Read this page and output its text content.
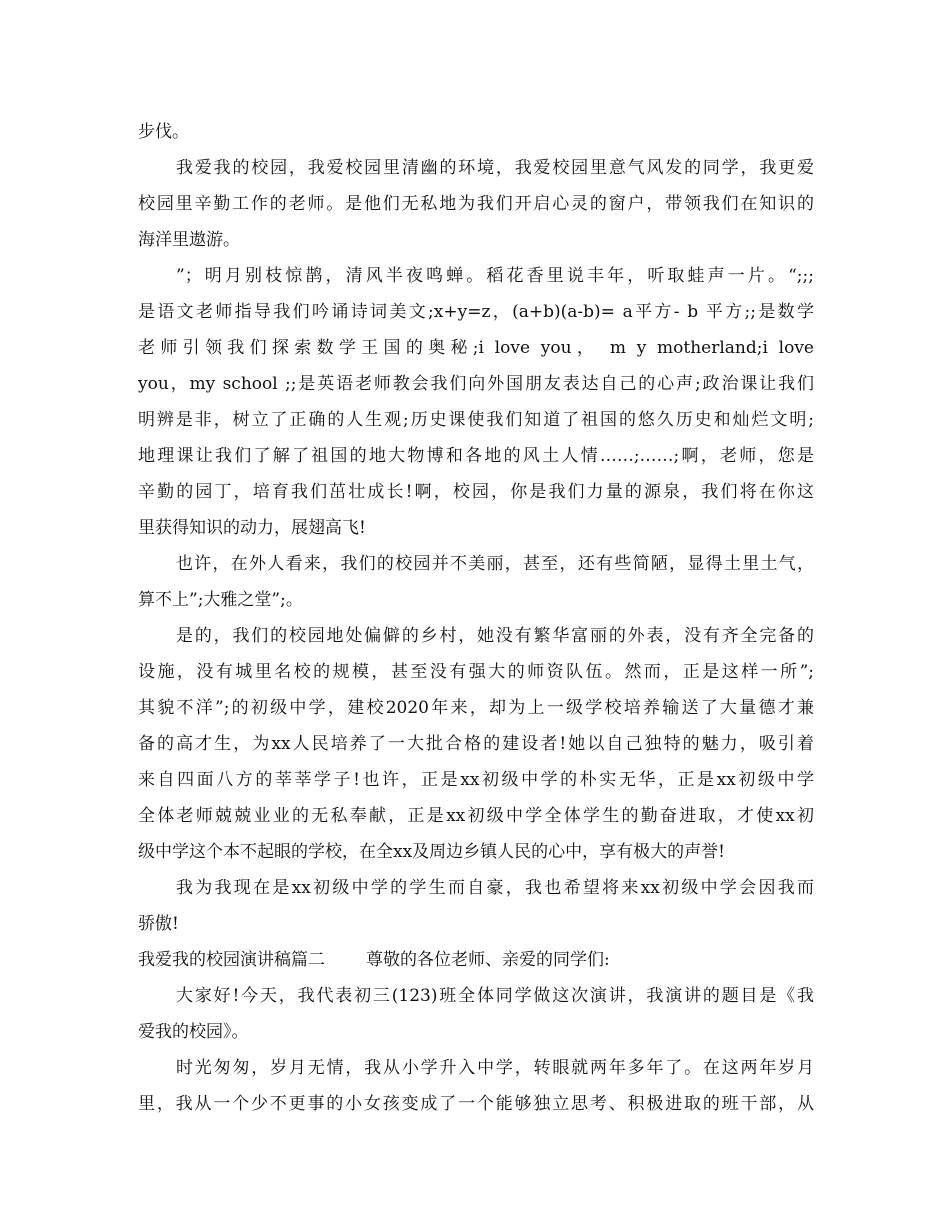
步伐。
我爱我的校园，我爱校园里清幽的环境，我爱校园里意气风发的同学，我更爱
校园里辛勤工作的老师。是他们无私地为我们开启心灵的窗户，带领我们在知识的
海洋里遨游。
”；明月别枝惊鹊，清风半夜鸣蝉。稻花香里说丰年，听取蛙声一片。“;;;
是语文老师指导我们吟诵诗词美文;x+y=z，(a+b)(a-b)= a平方- b 平方;;是数学
老师引领我们探索数学王国的奥秘;i love you， m y motherland;i love
you，my school ;;是英语老师教会我们向外国朋友表达自己的心声;政治课让我们
明辨是非，树立了正确的人生观;历史课使我们知道了祖国的悠久历史和灿烂文明;
地理课让我们了解了祖国的地大物博和各地的风土人情……;……;啊，老师，您是
辛勤的园丁，培育我们茁壮成长!啊，校园，你是我们力量的源泉，我们将在你这
里获得知识的动力，展翅高飞!
也许，在外人看来，我们的校园并不美丽，甚至，还有些简陋，显得土里土气，
算不上”;大雅之堂”;。
是的，我们的校园地处偏僻的乡村，她没有繁华富丽的外表，没有齐全完备的
设施，没有城里名校的规模，甚至没有强大的师资队伍。然而，正是这样一所”;
其貌不洋”;的初级中学，建校2020年来，却为上一级学校培养输送了大量德才兼
备的高才生，为xx人民培养了一大批合格的建设者!她以自己独特的魅力，吸引着
来自四面八方的莘莘学子!也许，正是xx初级中学的朴实无华，正是xx初级中学
全体老师兢兢业业的无私奉献，正是xx初级中学全体学生的勤奋进取，才使xx初
级中学这个本不起眼的学校，在全xx及周边乡镇人民的心中，享有极大的声誉!
我为我现在是xx初级中学的学生而自豪，我也希望将来xx初级中学会因我而
骄傲!
我爱我的校园演讲稿篇二	尊敬的各位老师、亲爱的同学们:
大家好!今天，我代表初三(123)班全体同学做这次演讲，我演讲的题目是《我
爱我的校园》。
时光匆匆，岁月无情，我从小学升入中学，转眼就两年多年了。在这两年岁月
里，我从一个少不更事的小女孩变成了一个能够独立思考、积极进取的班干部，从
